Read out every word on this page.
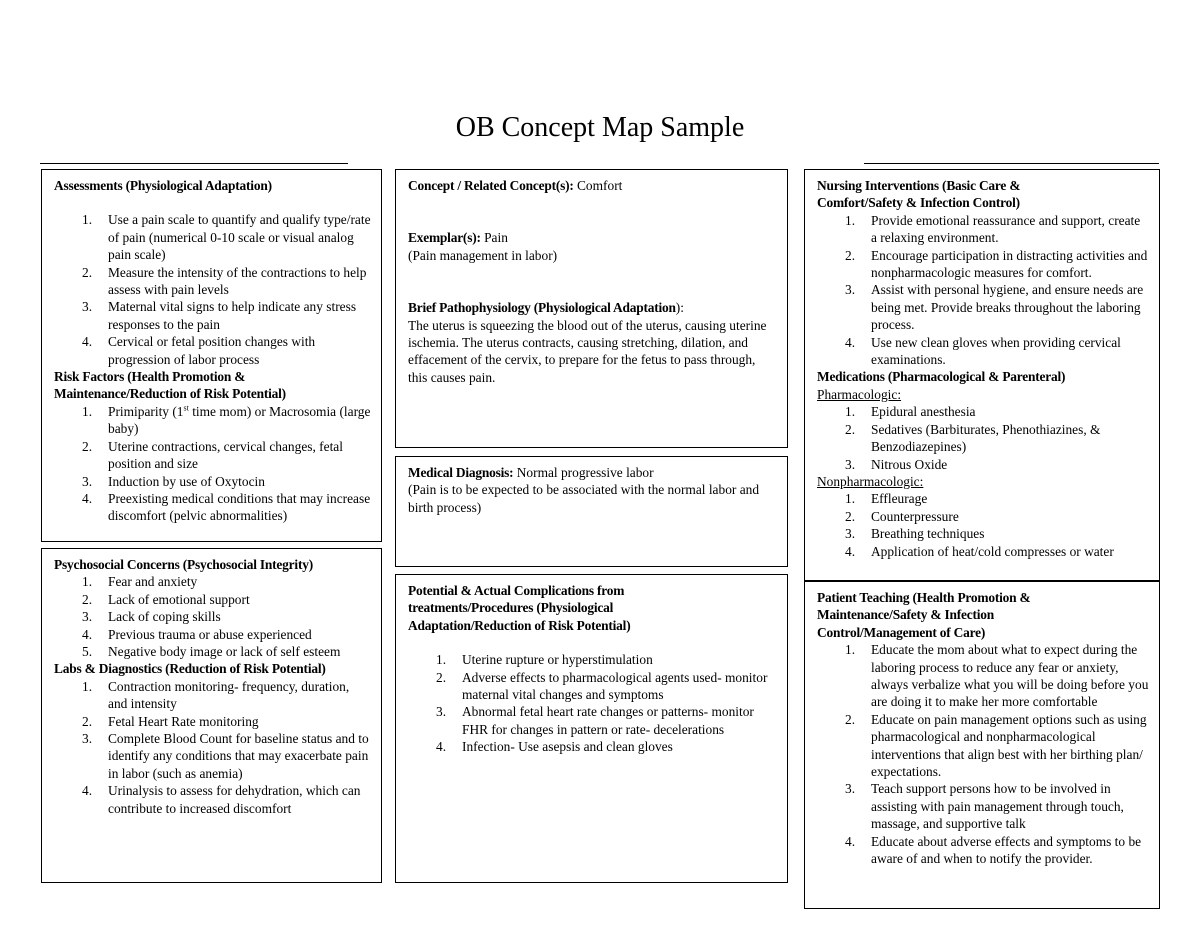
OB Concept Map Sample
Assessments (Physiological Adaptation)
1. Use a pain scale to quantify and qualify type/rate of pain (numerical 0-10 scale or visual analog pain scale)
2. Measure the intensity of the contractions to help assess with pain levels
3. Maternal vital signs to help indicate any stress responses to the pain
4. Cervical or fetal position changes with progression of labor process
Risk Factors (Health Promotion & Maintenance/Reduction of Risk Potential)
1. Primiparity (1st time mom) or Macrosomia (large baby)
2. Uterine contractions, cervical changes, fetal position and size
3. Induction by use of Oxytocin
4. Preexisting medical conditions that may increase discomfort (pelvic abnormalities)
Psychosocial Concerns (Psychosocial Integrity)
1. Fear and anxiety
2. Lack of emotional support
3. Lack of coping skills
4. Previous trauma or abuse experienced
5. Negative body image or lack of self esteem
Labs & Diagnostics (Reduction of Risk Potential)
1. Contraction monitoring- frequency, duration, and intensity
2. Fetal Heart Rate monitoring
3. Complete Blood Count for baseline status and to identify any conditions that may exacerbate pain in labor (such as anemia)
4. Urinalysis to assess for dehydration, which can contribute to increased discomfort
Concept / Related Concept(s): Comfort
Exemplar(s): Pain
(Pain management in labor)
Brief Pathophysiology (Physiological Adaptation):
The uterus is squeezing the blood out of the uterus, causing uterine ischemia. The uterus contracts, causing stretching, dilation, and effacement of the cervix, to prepare for the fetus to pass through, this causes pain.
Medical Diagnosis: Normal progressive labor
(Pain is to be expected to be associated with the normal labor and birth process)
Potential & Actual Complications from treatments/Procedures (Physiological Adaptation/Reduction of Risk Potential)
1. Uterine rupture or hyperstimulation
2. Adverse effects to pharmacological agents used- monitor maternal vital changes and symptoms
3. Abnormal fetal heart rate changes or patterns- monitor FHR for changes in pattern or rate- decelerations
4. Infection- Use asepsis and clean gloves
Nursing Interventions (Basic Care & Comfort/Safety & Infection Control)
1. Provide emotional reassurance and support, create a relaxing environment.
2. Encourage participation in distracting activities and nonpharmacologic measures for comfort.
3. Assist with personal hygiene, and ensure needs are being met. Provide breaks throughout the laboring process.
4. Use new clean gloves when providing cervical examinations.
Medications (Pharmacological & Parenteral)
Pharmacologic:
1. Epidural anesthesia
2. Sedatives (Barbiturates, Phenothiazines, & Benzodiazepines)
3. Nitrous Oxide
Nonpharmacologic:
1. Effleurage
2. Counterpressure
3. Breathing techniques
4. Application of heat/cold compresses or water
Patient Teaching (Health Promotion & Maintenance/Safety & Infection Control/Management of Care)
1. Educate the mom about what to expect during the laboring process to reduce any fear or anxiety, always verbalize what you will be doing before you are doing it to make her more comfortable
2. Educate on pain management options such as using pharmacological and nonpharmacological interventions that align best with her birthing plan/ expectations.
3. Teach support persons how to be involved in assisting with pain management through touch, massage, and supportive talk
4. Educate about adverse effects and symptoms to be aware of and when to notify the provider.
